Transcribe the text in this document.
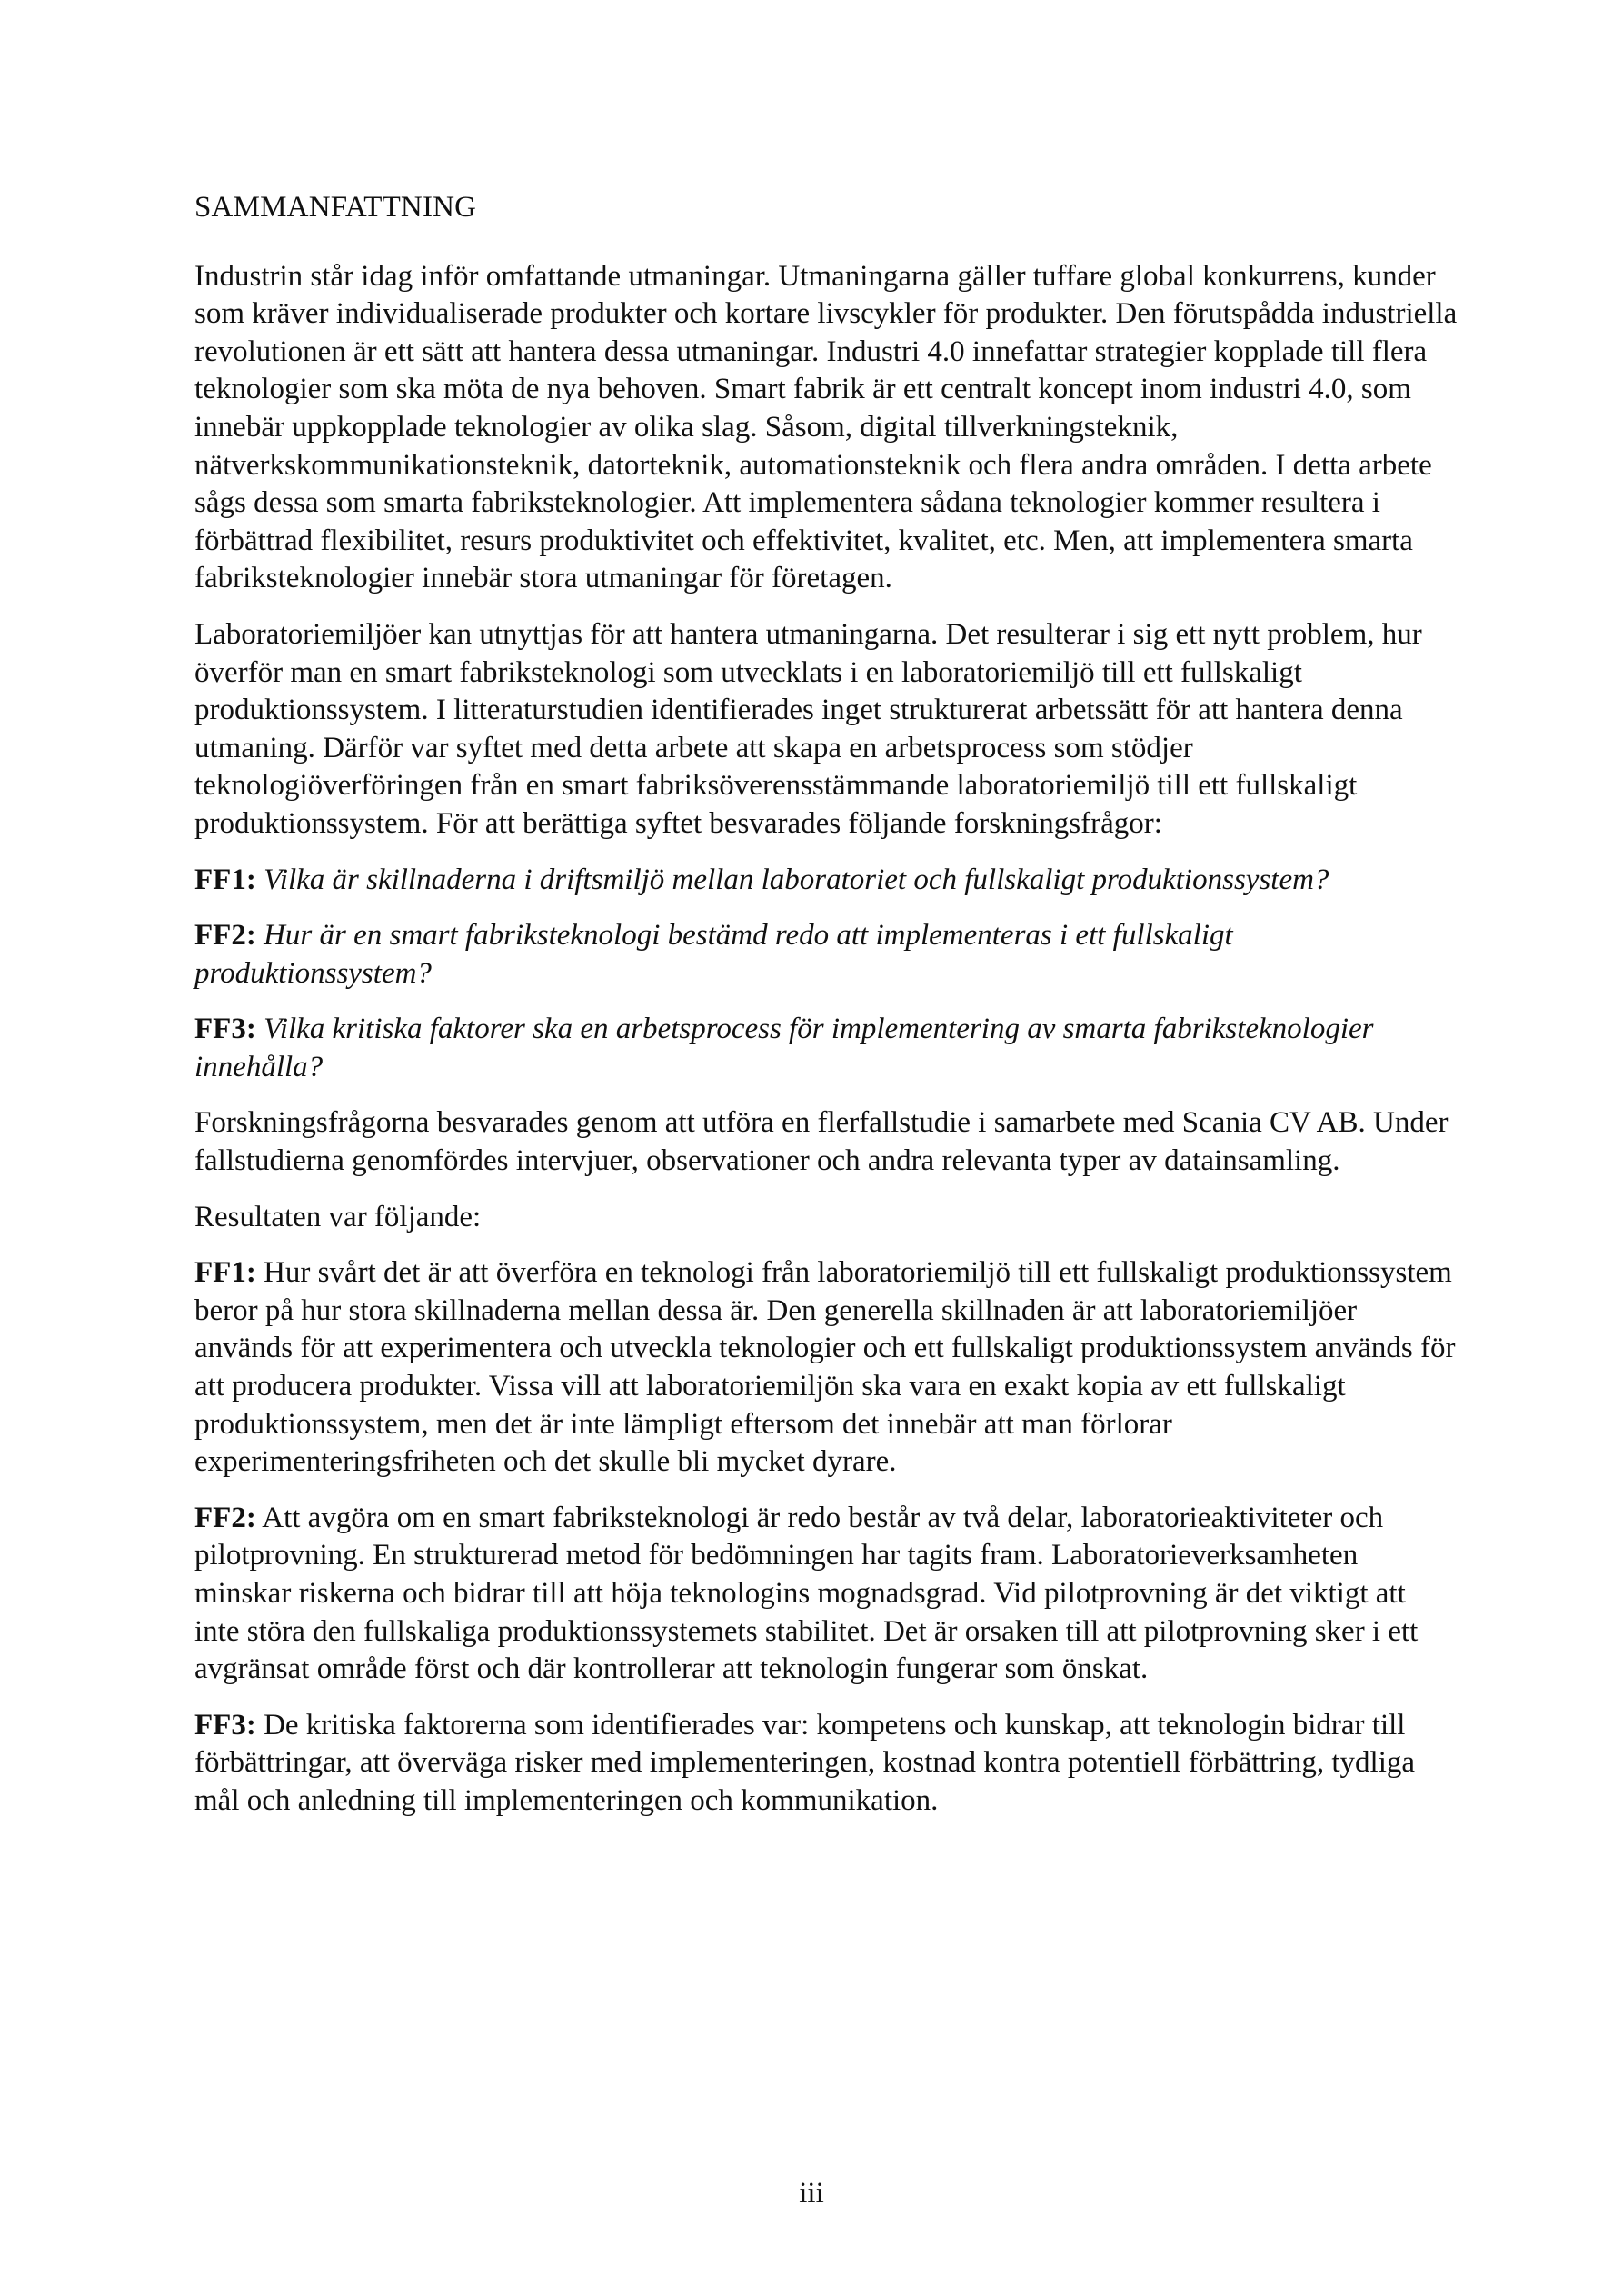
SAMMANFATTNING

Industrin står idag inför omfattande utmaningar. Utmaningarna gäller tuffare global konkurrens, kunder som kräver individualiserade produkter och kortare livscykler för produkter. Den förutspådda industriella revolutionen är ett sätt att hantera dessa utmaningar. Industri 4.0 innefattar strategier kopplade till flera teknologier som ska möta de nya behoven. Smart fabrik är ett centralt koncept inom industri 4.0, som innebär uppkopplade teknologier av olika slag. Såsom, digital tillverkningsteknik, nätverkskommunikationsteknik, datorteknik, automationsteknik och flera andra områden. I detta arbete sågs dessa som smarta fabriksteknologier. Att implementera sådana teknologier kommer resultera i förbättrad flexibilitet, resurs produktivitet och effektivitet, kvalitet, etc. Men, att implementera smarta fabriksteknologier innebär stora utmaningar för företagen.

Laboratoriemiljöer kan utnyttjas för att hantera utmaningarna. Det resulterar i sig ett nytt problem, hur överför man en smart fabriksteknologi som utvecklats i en laboratoriemiljö till ett fullskaligt produktionssystem. I litteraturstudien identifierades inget strukturerat arbetssätt för att hantera denna utmaning. Därför var syftet med detta arbete att skapa en arbetsprocess som stödjer teknologiöverföringen från en smart fabriksöverensstämmande laboratoriemiljö till ett fullskaligt produktionssystem. För att berättiga syftet besvarades följande forskningsfrågor:

FF1: Vilka är skillnaderna i driftsmiljö mellan laboratoriet och fullskaligt produktionssystem?

FF2: Hur är en smart fabriksteknologi bestämd redo att implementeras i ett fullskaligt produktionssystem?

FF3: Vilka kritiska faktorer ska en arbetsprocess för implementering av smarta fabriksteknologier innehålla?

Forskningsfrågorna besvarades genom att utföra en flerfallstudie i samarbete med Scania CV AB. Under fallstudierna genomfördes intervjuer, observationer och andra relevanta typer av datainsamling.

Resultaten var följande:

FF1: Hur svårt det är att överföra en teknologi från laboratoriemiljö till ett fullskaligt produktionssystem beror på hur stora skillnaderna mellan dessa är. Den generella skillnaden är att laboratoriemiljöer används för att experimentera och utveckla teknologier och ett fullskaligt produktionssystem används för att producera produkter. Vissa vill att laboratoriemiljön ska vara en exakt kopia av ett fullskaligt produktionssystem, men det är inte lämpligt eftersom det innebär att man förlorar experimenteringsfriheten och det skulle bli mycket dyrare.

FF2: Att avgöra om en smart fabriksteknologi är redo består av två delar, laboratorieaktiviteter och pilotprovning. En strukturerad metod för bedömningen har tagits fram. Laboratorieverksamheten minskar riskerna och bidrar till att höja teknologins mognadsgrad. Vid pilotprovning är det viktigt att inte störa den fullskaliga produktionssystemets stabilitet. Det är orsaken till att pilotprovning sker i ett avgränsat område först och där kontrollerar att teknologin fungerar som önskat.

FF3: De kritiska faktorerna som identifierades var: kompetens och kunskap, att teknologin bidrar till förbättringar, att överväga risker med implementeringen, kostnad kontra potentiell förbättring, tydliga mål och anledning till implementeringen och kommunikation.

iii
